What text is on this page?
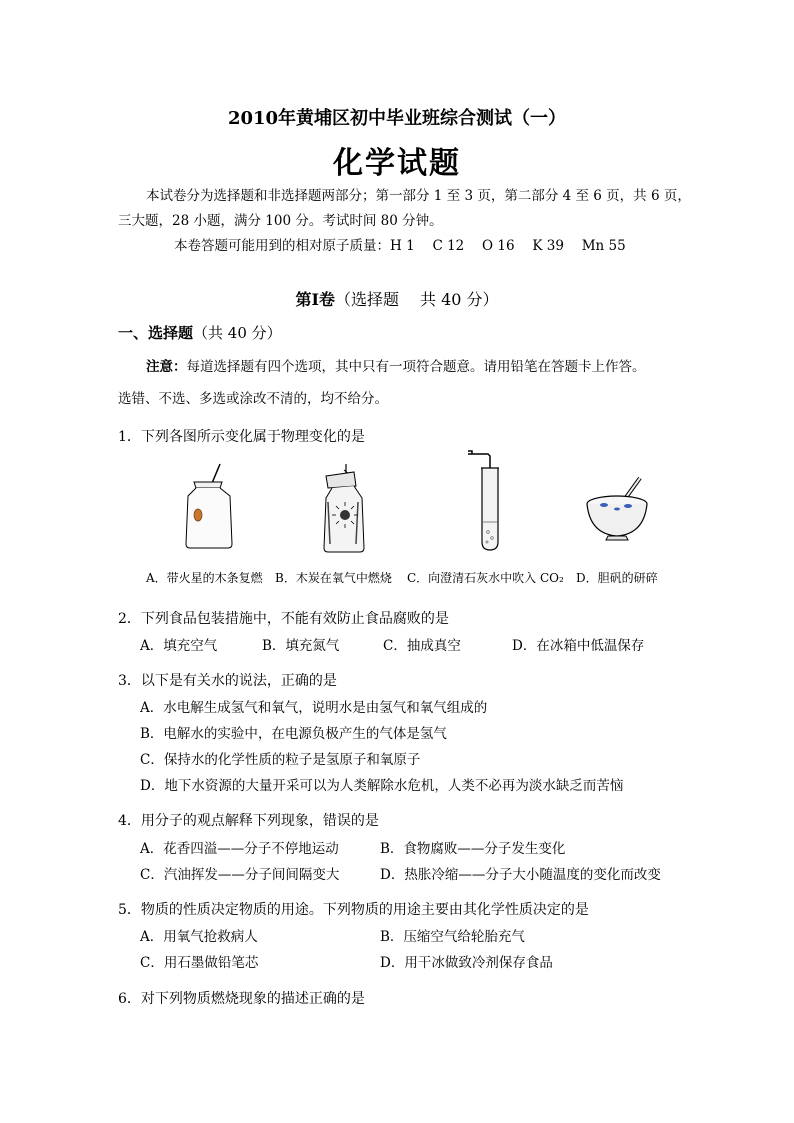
2010年黄埔区初中毕业班综合测试（一）
化学试题
本试卷分为选择题和非选择题两部分；第一部分 1 至 3 页，第二部分 4 至 6 页，共 6 页，
三大题，28 小题，满分 100 分。考试时间 80 分钟。
本卷答题可能用到的相对原子质量：H 1　 C 12　 O 16　 K 39　 Mn 55
第Ⅰ卷（选择题　 共 40 分）
一、选择题（共 40 分）
注意：每道选择题有四个选项，其中只有一项符合题意。请用铅笔在答题卡上作答。
选错、不选、多选或涂改不清的，均不给分。
1．下列各图所示变化属于物理变化的是
A．带火星的木条复燃 B．木炭在氧气中燃烧 C．向澄清石灰水中吹入 CO₂ D．胆矾的研碎
2．下列食品包装措施中，不能有效防止食品腐败的是
A．填充空气	B．填充氮气	C．抽成真空	D．在冰箱中低温保存
3．以下是有关水的说法，正确的是
A．水电解生成氢气和氧气，说明水是由氢气和氧气组成的
B．电解水的实验中，在电源负极产生的气体是氢气
C．保持水的化学性质的粒子是氢原子和氧原子
D．地下水资源的大量开采可以为人类解除水危机，人类不必再为淡水缺乏而苦恼
4．用分子的观点解释下列现象，错误的是
A．花香四溢——分子不停地运动	B．食物腐败——分子发生变化
C．汽油挥发——分子间间隔变大	D．热胀冷缩——分子大小随温度的变化而改变
5．物质的性质决定物质的用途。下列物质的用途主要由其化学性质决定的是
A．用氧气抢救病人	B．压缩空气给轮胎充气
C．用石墨做铅笔芯	D．用干冰做致冷剂保存食品
6．对下列物质燃烧现象的描述正确的是
